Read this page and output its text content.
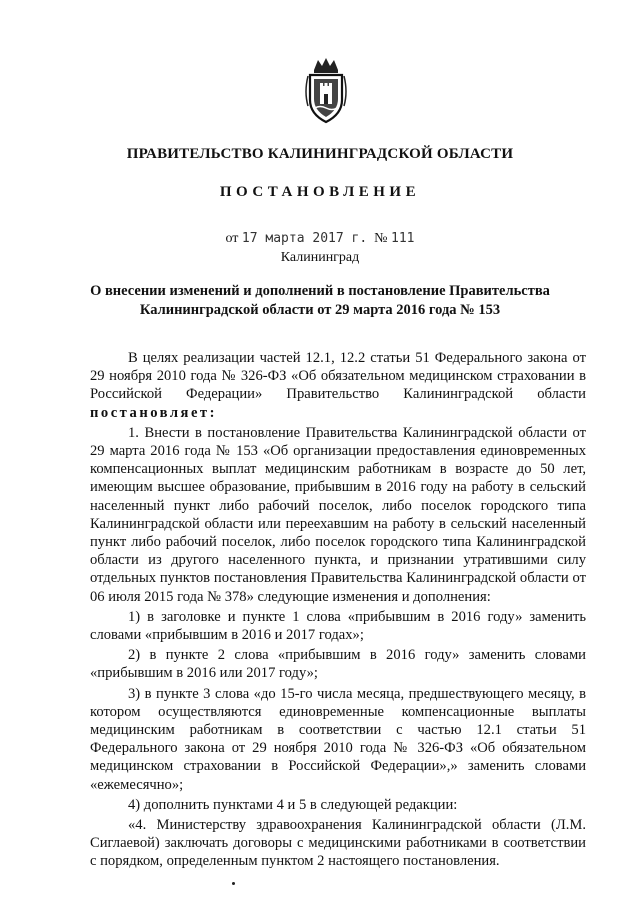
ПРАВИТЕЛЬСТВО КАЛИНИНГРАДСКОЙ ОБЛАСТИ
ПОСТАНОВЛЕНИЕ
от 17 марта 2017 г. № 111
Калининград
О внесении изменений и дополнений в постановление Правительства
Калининградской области от 29 марта 2016 года № 153

В целях реализации частей 12.1, 12.2 статьи 51 Федерального закона от 29 ноября 2010 года № 326-ФЗ «Об обязательном медицинском страховании в Российской Федерации» Правительство Калининградской области постановляет:

1. Внести в постановление Правительства Калининградской области от 29 марта 2016 года № 153 «Об организации предоставления единовременных компенсационных выплат медицинским работникам в возрасте до 50 лет, имеющим высшее образование, прибывшим в 2016 году на работу в сельский населенный пункт либо рабочий поселок, либо поселок городского типа Калининградской области или переехавшим на работу в сельский населенный пункт либо рабочий поселок, либо поселок городского типа Калининградской области из другого населенного пункта, и признании утратившими силу отдельных пунктов постановления Правительства Калининградской области от 06 июля 2015 года № 378» следующие изменения и дополнения:

1) в заголовке и пункте 1 слова «прибывшим в 2016 году» заменить словами «прибывшим в 2016 и 2017 годах»;

2) в пункте 2 слова «прибывшим в 2016 году» заменить словами «прибывшим в 2016 или 2017 году»;

3) в пункте 3 слова «до 15-го числа месяца, предшествующего месяцу, в котором осуществляются единовременные компенсационные выплаты медицинским работникам в соответствии с частью 12.1 статьи 51 Федерального закона от 29 ноября 2010 года № 326-ФЗ «Об обязательном медицинском страховании в Российской Федерации»,» заменить словами «ежемесячно»;

4) дополнить пунктами 4 и 5 в следующей редакции:

«4. Министерству здравоохранения Калининградской области (Л.М. Сиглаевой) заключать договоры с медицинскими работниками в соответствии с порядком, определенным пунктом 2 настоящего постановления.
